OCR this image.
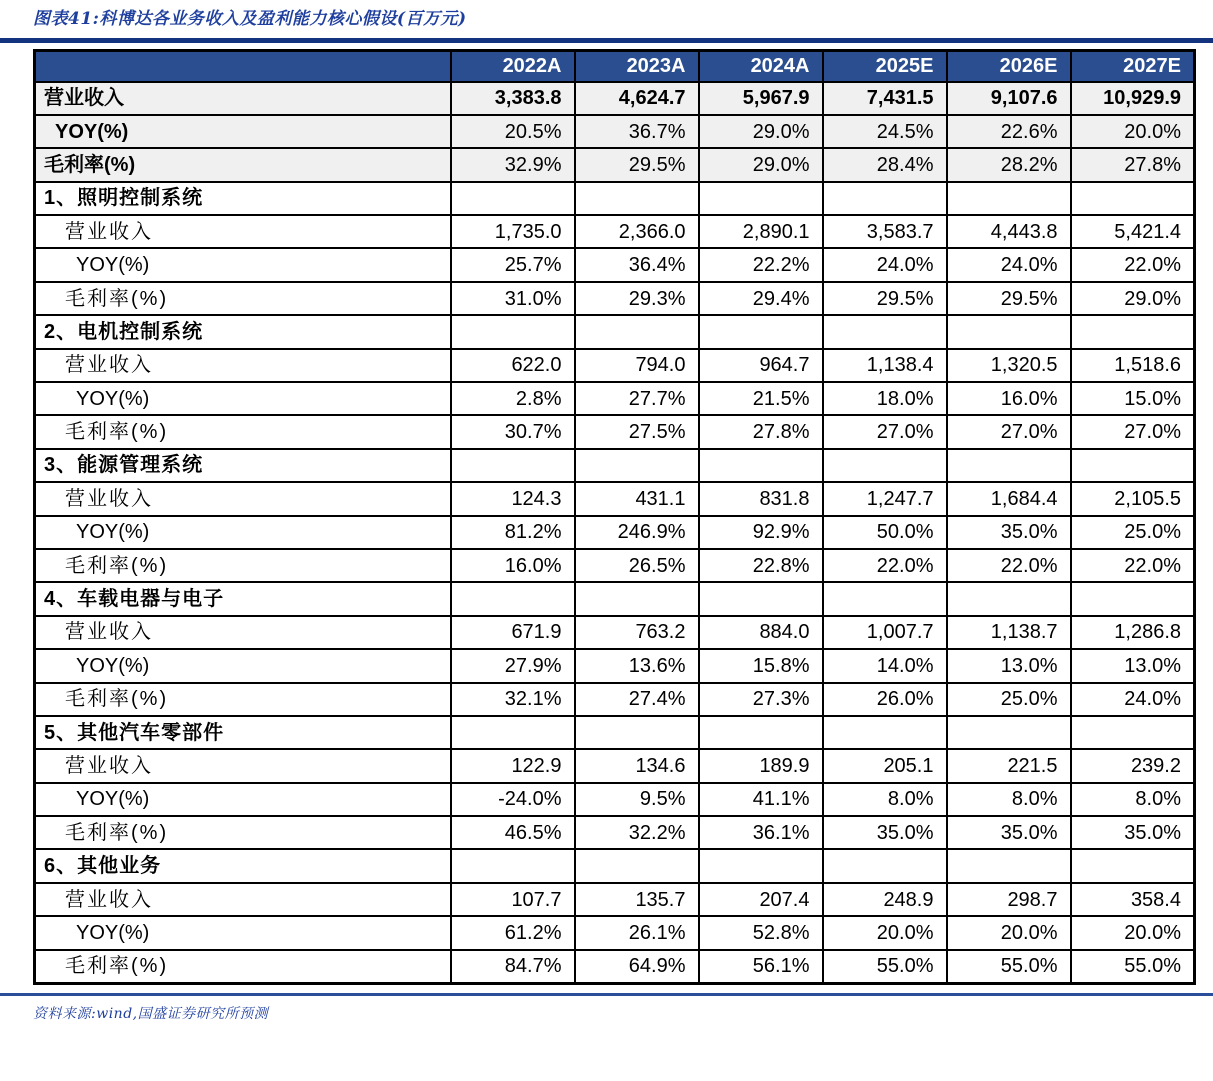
图表41:科博达各业务收入及盈利能力核心假设(百万元)
	2022A	2023A	2024A	2025E	2026E	2027E
营业收入	3,383.8	4,624.7	5,967.9	7,431.5	9,107.6	10,929.9
YOY(%)	20.5%	36.7%	29.0%	24.5%	22.6%	20.0%
毛利率(%)	32.9%	29.5%	29.0%	28.4%	28.2%	27.8%
1、照明控制系统						
营业收入	1,735.0	2,366.0	2,890.1	3,583.7	4,443.8	5,421.4
YOY(%)	25.7%	36.4%	22.2%	24.0%	24.0%	22.0%
毛利率(%)	31.0%	29.3%	29.4%	29.5%	29.5%	29.0%
2、电机控制系统						
营业收入	622.0	794.0	964.7	1,138.4	1,320.5	1,518.6
YOY(%)	2.8%	27.7%	21.5%	18.0%	16.0%	15.0%
毛利率(%)	30.7%	27.5%	27.8%	27.0%	27.0%	27.0%
3、能源管理系统						
营业收入	124.3	431.1	831.8	1,247.7	1,684.4	2,105.5
YOY(%)	81.2%	246.9%	92.9%	50.0%	35.0%	25.0%
毛利率(%)	16.0%	26.5%	22.8%	22.0%	22.0%	22.0%
4、车载电器与电子						
营业收入	671.9	763.2	884.0	1,007.7	1,138.7	1,286.8
YOY(%)	27.9%	13.6%	15.8%	14.0%	13.0%	13.0%
毛利率(%)	32.1%	27.4%	27.3%	26.0%	25.0%	24.0%
5、其他汽车零部件						
营业收入	122.9	134.6	189.9	205.1	221.5	239.2
YOY(%)	-24.0%	9.5%	41.1%	8.0%	8.0%	8.0%
毛利率(%)	46.5%	32.2%	36.1%	35.0%	35.0%	35.0%
6、其他业务						
营业收入	107.7	135.7	207.4	248.9	298.7	358.4
YOY(%)	61.2%	26.1%	52.8%	20.0%	20.0%	20.0%
毛利率(%)	84.7%	64.9%	56.1%	55.0%	55.0%	55.0%
资料来源:wind,国盛证券研究所预测
